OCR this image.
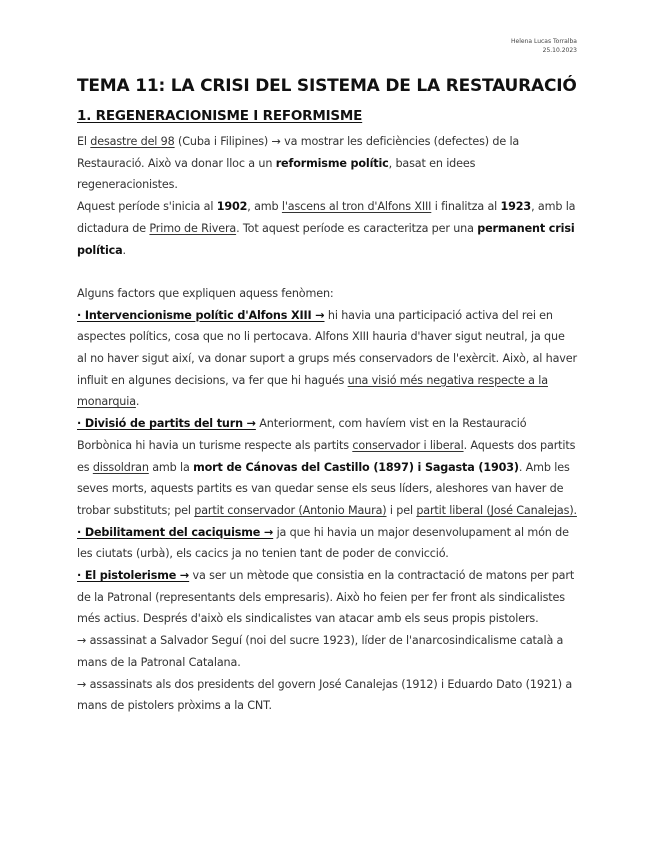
Helena Lucas Torralba
25.10.2023
TEMA 11: LA CRISI DEL SISTEMA DE LA RESTAURACIÓ
1. REGENERACIONISME I REFORMISME

El desastre del 98 (Cuba i Filipines) → va mostrar les deficiències (defectes) de la Restauració. Això va donar lloc a un reformisme polític, basat en idees regeneracionistes.

Aquest període s'inicia al 1902, amb l'ascens al tron d'Alfons XIII i finalitza al 1923, amb la dictadura de Primo de Rivera. Tot aquest període es caracteritza per una permanent crisi política.

Alguns factors que expliquen aquess fenòmen:

· Intervencionisme polític d'Alfons XIII → hi havia una participació activa del rei en aspectes polítics, cosa que no li pertocava. Alfons XIII hauria d'haver sigut neutral, ja que al no haver sigut així, va donar suport a grups més conservadors de l'exèrcit. Això, al haver influit en algunes decisions, va fer que hi hagués una visió més negativa respecte a la monarquia.

· Divisió de partits del turn → Anteriorment, com havíem vist en la Restauració Borbònica hi havia un turisme respecte als partits conservador i liberal. Aquests dos partits es dissoldran amb la mort de Cánovas del Castillo (1897) i Sagasta (1903). Amb les seves morts, aquests partits es van quedar sense els seus líders, aleshores van haver de trobar substituts; pel partit conservador (Antonio Maura) i pel partit liberal (José Canalejas).

· Debilitament del caciquisme → ja que hi havia un major desenvolupament al món de les ciutats (urbà), els cacics ja no tenien tant de poder de convicció.

· El pistolerisme → va ser un mètode que consistia en la contractació de matons per part de la Patronal (representants dels empresaris). Això ho feien per fer front als sindicalistes més actius. Després d'això els sindicalistes van atacar amb els seus propis pistolers.

→ assassinat a Salvador Seguí (noi del sucre 1923), líder de l'anarcosindicalisme català a mans de la Patronal Catalana.

→ assassinats als dos presidents del govern José Canalejas (1912) i Eduardo Dato (1921) a mans de pistolers pròxims a la CNT.
